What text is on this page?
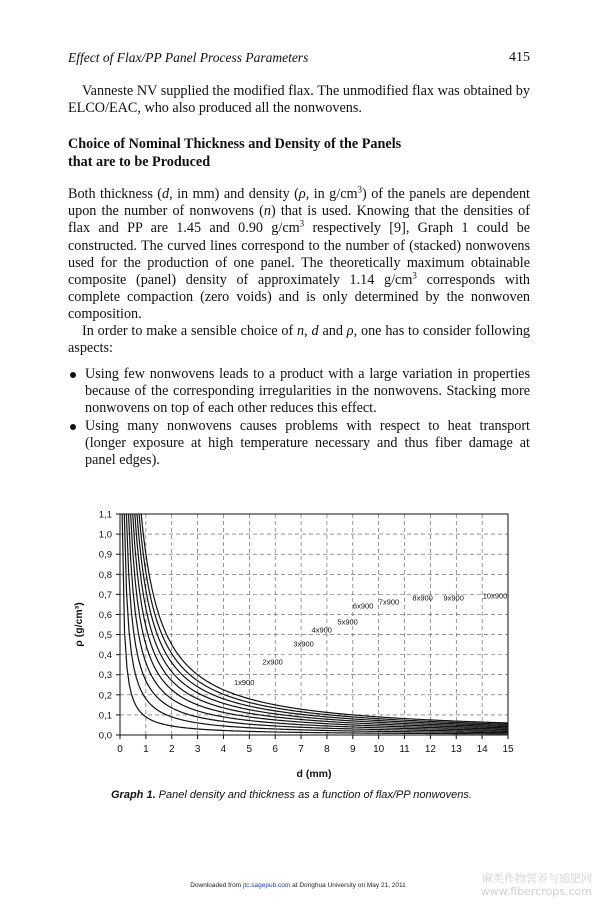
Effect of Flax/PP Panel Process Parameters	415

Vanneste NV supplied the modified flax. The unmodified flax was obtained by ELCO/EAC, who also produced all the nonwovens.

Choice of Nominal Thickness and Density of the Panels
that are to be Produced

Both thickness (d, in mm) and density (ρ, in $g/cm^3$) of the panels are dependent upon the number of nonwovens (n) that is used. Knowing that the densities of flax and PP are 1.45 and 0.90 $g/cm^3$ respectively [9], Graph 1 could be constructed. The curved lines correspond to the number of (stacked) nonwovens used for the production of one panel. The theoretically maximum obtainable composite (panel) density of approximately 1.14 $g/cm^3$ corresponds with complete compaction (zero voids) and is only determined by the nonwoven composition.

In order to make a sensible choice of n, d and ρ, one has to consider following aspects:

Using few nonwovens leads to a product with a large variation in properties because of the corresponding irregularities in the nonwovens. Stacking more nonwovens on top of each other reduces this effect.
Using many nonwovens causes problems with respect to heat transport (longer exposure at high temperature necessary and thus fiber damage at panel edges).
0 1 2 3 4 5 6 7 8 9 10 11 12 13 14 15
0,0
0,1
0,2
0,3
0,4
0,5
0,6
0,7
0,8
0,9
1,0
1,1
d (mm)
ρ (g/cm³)
1x900
2x900
3x900
4x900
5x900
6x900 7x900 8x900 9x900	10x900
Graph 1. Panel density and thickness as a function of flax/PP nonwovens.
Downloaded from jtc.sagepub.com at Donghua University on May 21, 2011
麻类作物营养与施肥网
www.fibercrops.com
